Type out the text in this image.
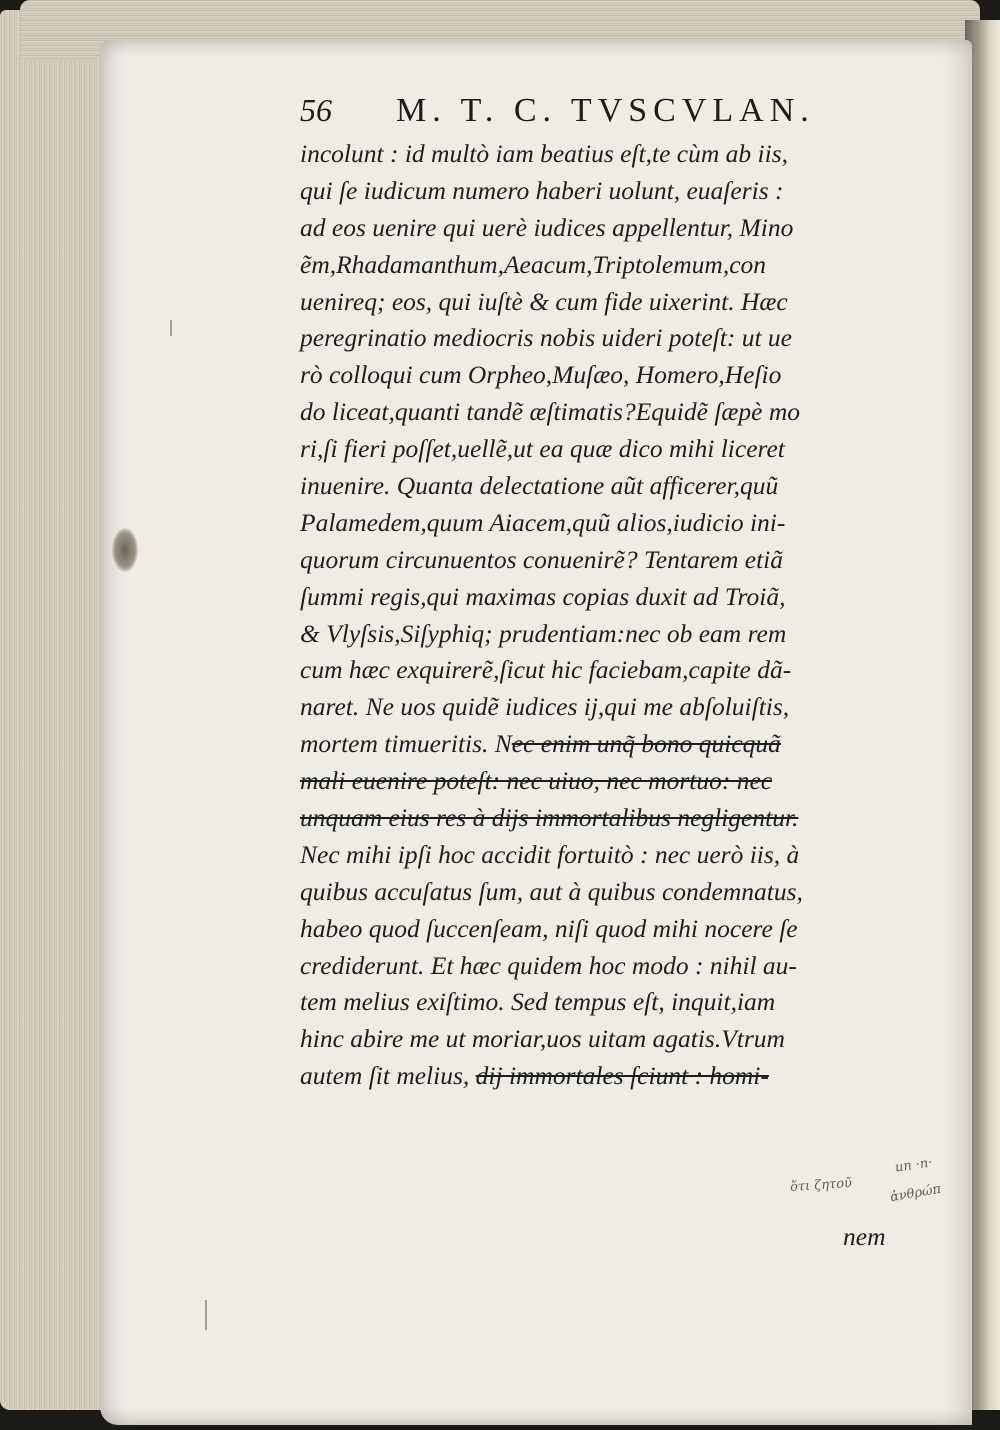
56 M. T. C. TVSCVLAN.
incolunt : id multò iam beatius eſt,te cùm ab iis,
qui ſe iudicum numero haberi uolunt, euaſeris :
ad eos uenire qui uerè iudices appellentur, Mino
ẽm,Rhadamanthum,Aeacum,Triptolemum,con
uenireq; eos, qui iuſtè & cum fide uixerint. Hæc
peregrinatio mediocris nobis uideri poteſt: ut ue
rò colloqui cum Orpheo,Muſæo, Homero,Heſio
do liceat,quanti tandẽ æſtimatis?Equidẽ ſæpè mo
ri,ſi fieri poſſet,uellẽ,ut ea quæ dico mihi liceret
inuenire. Quanta delectatione aũt afficerer,quũ
Palamedem,quum Aiacem,quũ alios,iudicio ini-
quorum circunuentos conuenirẽ? Tentarem etiã
ſummi regis,qui maximas copias duxit ad Troiã,
& Vlyſsis,Siſyphiq; prudentiam:nec ob eam rem
cum hæc exquirerẽ,ſicut hic faciebam,capite dã-
naret. Ne uos quidẽ iudices ij,qui me abſoluiſtis,
mortem timueritis. Nec enim unq̃ bono quicquã
mali euenire poteſt: nec uiuo, nec mortuo: nec
unquam eius res à dijs immortalibus negligentur.
Nec mihi ipſi hoc accidit fortuitò : nec uerò iis, à
quibus accuſatus ſum, aut à quibus condemnatus,
habeo quod ſuccenſeam, niſi quod mihi nocere ſe
crediderunt. Et hæc quidem hoc modo : nihil au-
tem melius exiſtimo. Sed tempus eſt, inquit,iam
hinc abire me ut moriar,uos uitam agatis.Vtrum
autem ſit melius, dij immortales ſciunt : homi-
nem
un ·n·
ὅτι ζητοῦ	ἀνθρώπ
